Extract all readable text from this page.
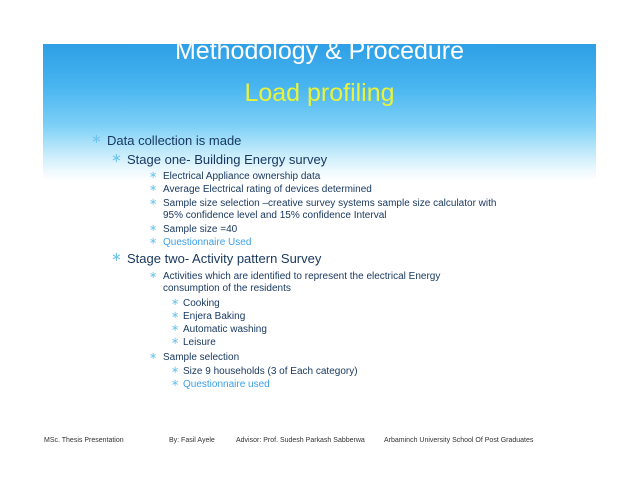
Methodology & Procedure
Load profiling
∗ Data collection is made
∗ Stage one- Building Energy survey
∗ Electrical Appliance ownership data
∗ Average Electrical rating of devices determined
∗ Sample size selection –creative survey systems sample size calculator with
95% confidence level and 15% confidence Interval
∗ Sample size =40
∗ Questionnaire Used
∗ Stage two- Activity pattern Survey
∗ Activities which are identified to represent the electrical Energy
consumption of the residents
∗ Cooking
∗ Enjera Baking
∗ Automatic washing
∗ Leisure
∗ Sample selection
∗ Size 9 households (3 of Each category)
∗ Questionnaire used
MSc. Thesis Presentation	By: Fasil Ayele	Advisor: Prof. Sudesh Parkash Sabberwa	Arbaminch University School Of Post Graduates
